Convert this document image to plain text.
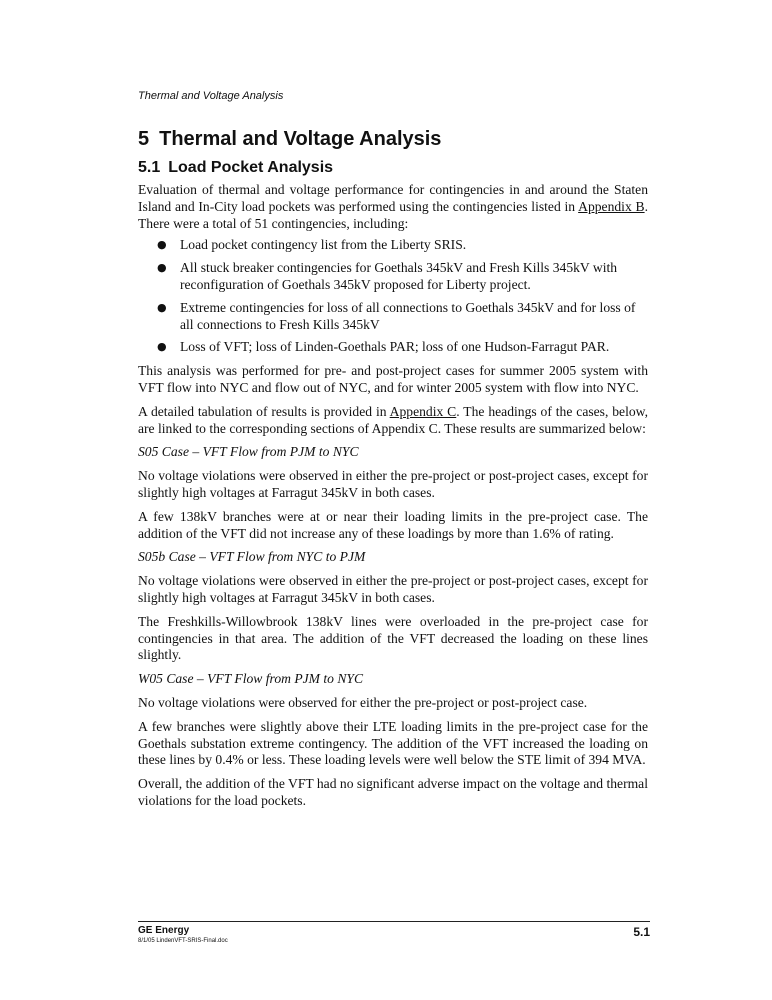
Thermal and Voltage Analysis
5 Thermal and Voltage Analysis
5.1 Load Pocket Analysis

Evaluation of thermal and voltage performance for contingencies in and around the Staten Island and In-City load pockets was performed using the contingencies listed in Appendix B. There were a total of 51 contingencies, including:

● Load pocket contingency list from the Liberty SRIS.
● All stuck breaker contingencies for Goethals 345kV and Fresh Kills 345kV with reconfiguration of Goethals 345kV proposed for Liberty project.
● Extreme contingencies for loss of all connections to Goethals 345kV and for loss of all connections to Fresh Kills 345kV
● Loss of VFT; loss of Linden-Goethals PAR; loss of one Hudson-Farragut PAR.

This analysis was performed for pre- and post-project cases for summer 2005 system with VFT flow into NYC and flow out of NYC, and for winter 2005 system with flow into NYC.

A detailed tabulation of results is provided in Appendix C. The headings of the cases, below, are linked to the corresponding sections of Appendix C. These results are summarized below:

S05 Case – VFT Flow from PJM to NYC

No voltage violations were observed in either the pre-project or post-project cases, except for slightly high voltages at Farragut 345kV in both cases.

A few 138kV branches were at or near their loading limits in the pre-project case. The addition of the VFT did not increase any of these loadings by more than 1.6% of rating.

S05b Case – VFT Flow from NYC to PJM

No voltage violations were observed in either the pre-project or post-project cases, except for slightly high voltages at Farragut 345kV in both cases.

The Freshkills-Willowbrook 138kV lines were overloaded in the pre-project case for contingencies in that area. The addition of the VFT decreased the loading on these lines slightly.

W05 Case – VFT Flow from PJM to NYC

No voltage violations were observed for either the pre-project or post-project case.

A few branches were slightly above their LTE loading limits in the pre-project case for the Goethals substation extreme contingency. The addition of the VFT increased the loading on these lines by 0.4% or less. These loading levels were well below the STE limit of 394 MVA.

Overall, the addition of the VFT had no significant adverse impact on the voltage and thermal violations for the load pockets.

GE Energy
8/1/05 LindenVFT-SRIS-Final.doc
5.1
